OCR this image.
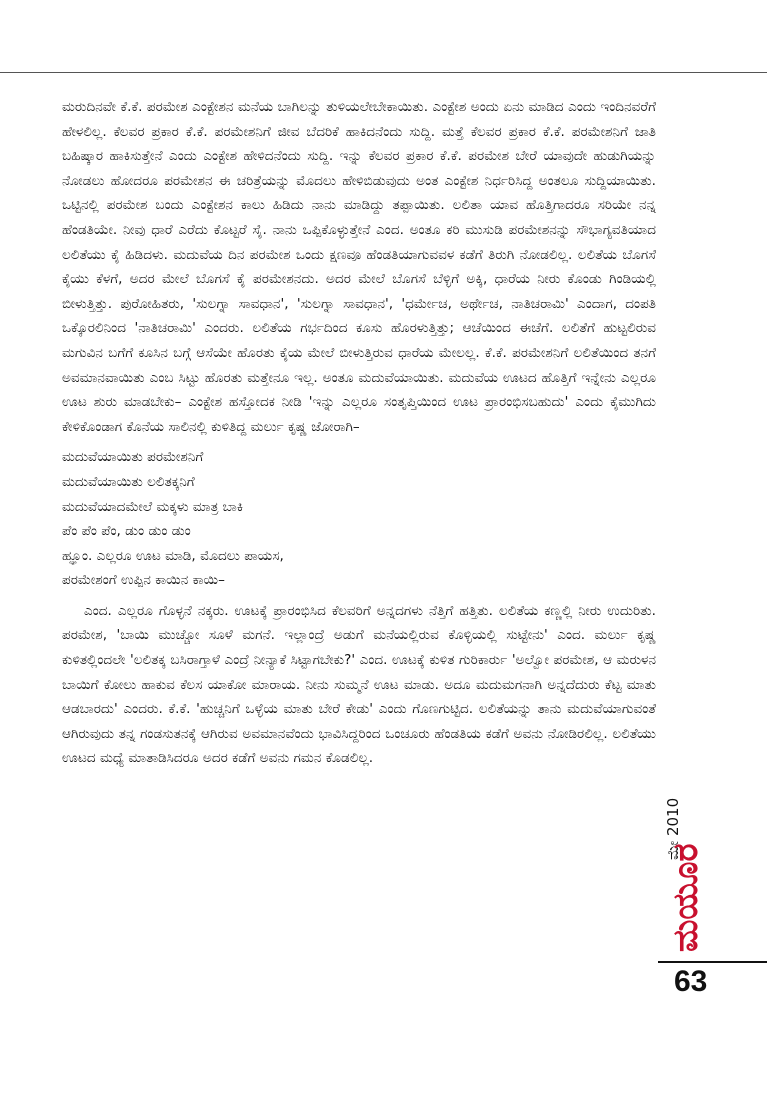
ಮರುದಿನವೇ ಕೆ.ಕೆ. ಪರಮೇಶ ಎಂಕ್ಟೇಶನ ಮನೆಯ ಬಾಗಿಲನ್ನು ತುಳಿಯಲೇಬೇಕಾಯಿತು. ಎಂಕ್ಟೇಶ ಅಂದು ಏನು ಮಾಡಿದ ಎಂದು ಇಂದಿನವರೆಗೆ ಹೇಳಲಿಲ್ಲ. ಕೆಲವರ ಪ್ರಕಾರ ಕೆ.ಕೆ. ಪರಮೇಶನಿಗೆ ಜೀವ ಬೆದರಿಕೆ ಹಾಕಿದನೆಂದು ಸುದ್ದಿ. ಮತ್ತೆ ಕೆಲವರ ಪ್ರಕಾರ ಕೆ.ಕೆ. ಪರಮೇಶನಿಗೆ ಜಾತಿ ಬಹಿಷ್ಕಾರ ಹಾಕಿಸುತ್ತೇನೆ ಎಂದು ಎಂಕ್ಟೇಶ ಹೇಳಿದನೆಂದು ಸುದ್ದಿ. ಇನ್ನು ಕೆಲವರ ಪ್ರಕಾರ ಕೆ.ಕೆ. ಪರಮೇಶ ಬೇರೆ ಯಾವುದೇ ಹುಡುಗಿಯನ್ನು ನೋಡಲು ಹೋದರೂ ಪರಮೇಶನ ಈ ಚರಿತ್ರೆಯನ್ನು ಮೊದಲು ಹೇಳಿಬಿಡುವುದು ಅಂತ ಎಂಕ್ಟೇಶ ನಿರ್ಧರಿಸಿದ್ದ ಅಂತಲೂ ಸುದ್ದಿಯಾಯಿತು. ಒಟ್ಟಿನಲ್ಲಿ ಪರಮೇಶ ಬಂದು ಎಂಕ್ಟೇಶನ ಕಾಲು ಹಿಡಿದು ನಾನು ಮಾಡಿದ್ದು ತಪ್ಪಾಯಿತು. ಲಲಿತಾ ಯಾವ ಹೊತ್ತಿಗಾದರೂ ಸರಿಯೇ ನನ್ನ ಹೆಂಡತಿಯೇ. ನೀವು ಧಾರೆ ಎರೆದು ಕೊಟ್ಟರೆ ಸೈ. ನಾನು ಒಪ್ಪಿಕೊಳ್ಳುತ್ತೇನೆ ಎಂದ. ಅಂತೂ ಕರಿ ಮುಸುಡಿ ಪರಮೇಶನನ್ನು ಸೌಭಾಗ್ಯವತಿಯಾದ ಲಲಿತೆಯು ಕೈ ಹಿಡಿದಳು. ಮದುವೆಯ ದಿನ ಪರಮೇಶ ಒಂದು ಕ್ಷಣವೂ ಹೆಂಡತಿಯಾಗುವವಳ ಕಡೆಗೆ ತಿರುಗಿ ನೋಡಲಿಲ್ಲ. ಲಲಿತೆಯ ಬೊಗಸೆ ಕೈಯು ಕೆಳಗೆ, ಅದರ ಮೇಲೆ ಬೊಗಸೆ ಕೈ ಪರಮೇಶನದು. ಅದರ ಮೇಲೆ ಬೊಗಸೆ ಬೆಳ್ಳಿಗೆ ಅಕ್ಕಿ, ಧಾರೆಯ ನೀರು ಕೊಂಡು ಗಿಂಡಿಯಲ್ಲಿ ಬೀಳುತ್ತಿತ್ತು. ಪುರೋಹಿತರು, 'ಸುಲಗ್ನಾ ಸಾವಧಾನ', 'ಸುಲಗ್ನಾ ಸಾವಧಾನ', 'ಧರ್ಮೇಚ, ಅರ್ಥೇಚ, ನಾತಿಚರಾಮಿ' ಎಂದಾಗ, ದಂಪತಿ ಒಕ್ಕೊರಲಿನಿಂದ 'ನಾತಿಚರಾಮಿ' ಎಂದರು. ಲಲಿತೆಯ ಗರ್ಭದಿಂದ ಕೂಸು ಹೊರಳುತ್ತಿತ್ತು; ಆಚೆಯಿಂದ ಈಚೆಗೆ. ಲಲಿತೆಗೆ ಹುಟ್ಟಲಿರುವ ಮಗುವಿನ ಬಗೆಗೆ ಕೂಸಿನ ಬಗ್ಗೆ ಆಸೆಯೇ ಹೊರತು ಕೈಯ ಮೇಲೆ ಬೀಳುತ್ತಿರುವ ಧಾರೆಯ ಮೇಲಲ್ಲ. ಕೆ.ಕೆ. ಪರಮೇಶನಿಗೆ ಲಲಿತೆಯಿಂದ ತನಗೆ ಅವಮಾನವಾಯಿತು ಎಂಬ ಸಿಟ್ಟು ಹೊರತು ಮತ್ತೇನೂ ಇಲ್ಲ. ಅಂತೂ ಮದುವೆಯಾಯಿತು. ಮದುವೆಯ ಊಟದ ಹೊತ್ತಿಗೆ ಇನ್ನೇನು ಎಲ್ಲರೂ ಊಟ ಶುರು ಮಾಡಬೇಕು– ಎಂಕ್ಟೇಶ ಹಸ್ತೋದಕ ನೀಡಿ 'ಇನ್ನು ಎಲ್ಲರೂ ಸಂತೃಪ್ತಿಯಿಂದ ಊಟ ಪ್ರಾರಂಭಿಸಬಹುದು' ಎಂದು ಕೈಮುಗಿದು ಕೇಳಿಕೊಂಡಾಗ ಕೊನೆಯ ಸಾಲಿನಲ್ಲಿ ಕುಳಿತಿದ್ದ ಮರ್ಲು ಕೃಷ್ಣ ಜೋರಾಗಿ–

ಮದುವೆಯಾಯಿತು ಪರಮೇಶನಿಗೆ
ಮದುವೆಯಾಯಿತು ಲಲಿತಕ್ಕನಿಗೆ
ಮದುವೆಯಾದಮೇಲೆ ಮಕ್ಕಳು ಮಾತ್ರ ಬಾಕಿ
ಪೆಂ ಪೆಂ ಪೆಂ, ಡುಂ ಡುಂ ಡುಂ
ಹ್ಞೂಂ. ಎಲ್ಲರೂ ಊಟ ಮಾಡಿ, ಮೊದಲು ಪಾಯಸ,
ಪರಮೇಶಂಗೆ ಉಪ್ಪಿನ ಕಾಯಿನ ಕಾಯಿ–

ಎಂದ. ಎಲ್ಲರೂ ಗೊಳ್ಳನೆ ನಕ್ಕರು. ಊಟಕ್ಕೆ ಪ್ರಾರಂಭಿಸಿದ ಕೆಲವರಿಗೆ ಅನ್ನದಗಳು ನೆತ್ತಿಗೆ ಹತ್ತಿತು. ಲಲಿತೆಯ ಕಣ್ಣಲ್ಲಿ ನೀರು ಉದುರಿತು. ಪರಮೇಶ, 'ಬಾಯಿ ಮುಚ್ಚೋ ಸೂಳೆ ಮಗನೆ. ಇಲ್ಲಾಂದ್ರೆ ಅಡುಗೆ ಮನೆಯಲ್ಲಿರುವ ಕೊಳ್ಳಿಯಲ್ಲಿ ಸುಟ್ಟೇನು' ಎಂದ. ಮರ್ಲು ಕೃಷ್ಣ ಕುಳಿತಲ್ಲಿಂದಲೇ 'ಲಲಿತಕ್ಕ ಬಸಿರಾಗ್ತಾಳೆ ಎಂದ್ರೆ ನೀನ್ಯಾಕೆ ಸಿಟ್ಟಾಗಬೇಕು?' ಎಂದ. ಊಟಕ್ಕೆ ಕುಳಿತ ಗುರಿಕಾರ್ರು 'ಅಲ್ವೋ ಪರಮೇಶ, ಆ ಮರುಳನ ಬಾಯಿಗೆ ಕೋಲು ಹಾಕುವ ಕೆಲಸ ಯಾಕೋ ಮಾರಾಯ. ನೀನು ಸುಮ್ಮನೆ ಊಟ ಮಾಡು. ಅದೂ ಮದುಮಗನಾಗಿ ಅನ್ನದೆದುರು ಕೆಟ್ಟ ಮಾತು ಆಡಬಾರದು' ಎಂದರು. ಕೆ.ಕೆ. 'ಹುಚ್ಚನಿಗೆ ಒಳ್ಳೆಯ ಮಾತು ಬೇರೆ ಕೇಡು' ಎಂದು ಗೊಣಗುಟ್ಟಿದ. ಲಲಿತೆಯನ್ನು ತಾನು ಮದುವೆಯಾಗುವಂತೆ ಆಗಿರುವುದು ತನ್ನ ಗಂಡಸುತನಕ್ಕೆ ಆಗಿರುವ ಅವಮಾನವೆಂದು ಭಾವಿಸಿದ್ದರಿಂದ ಒಂಚೂರು ಹೆಂಡತಿಯ ಕಡೆಗೆ ಅವನು ನೋಡಿರಲಿಲ್ಲ. ಲಲಿತೆಯು ಊಟದ ಮಧ್ಯೆ ಮಾತಾಡಿಸಿದರೂ ಅದರ ಕಡೆಗೆ ಅವನು ಗಮನ ಕೊಡಲಿಲ್ಲ.

ಮೇ 2010
ಮಯೂರ
63
